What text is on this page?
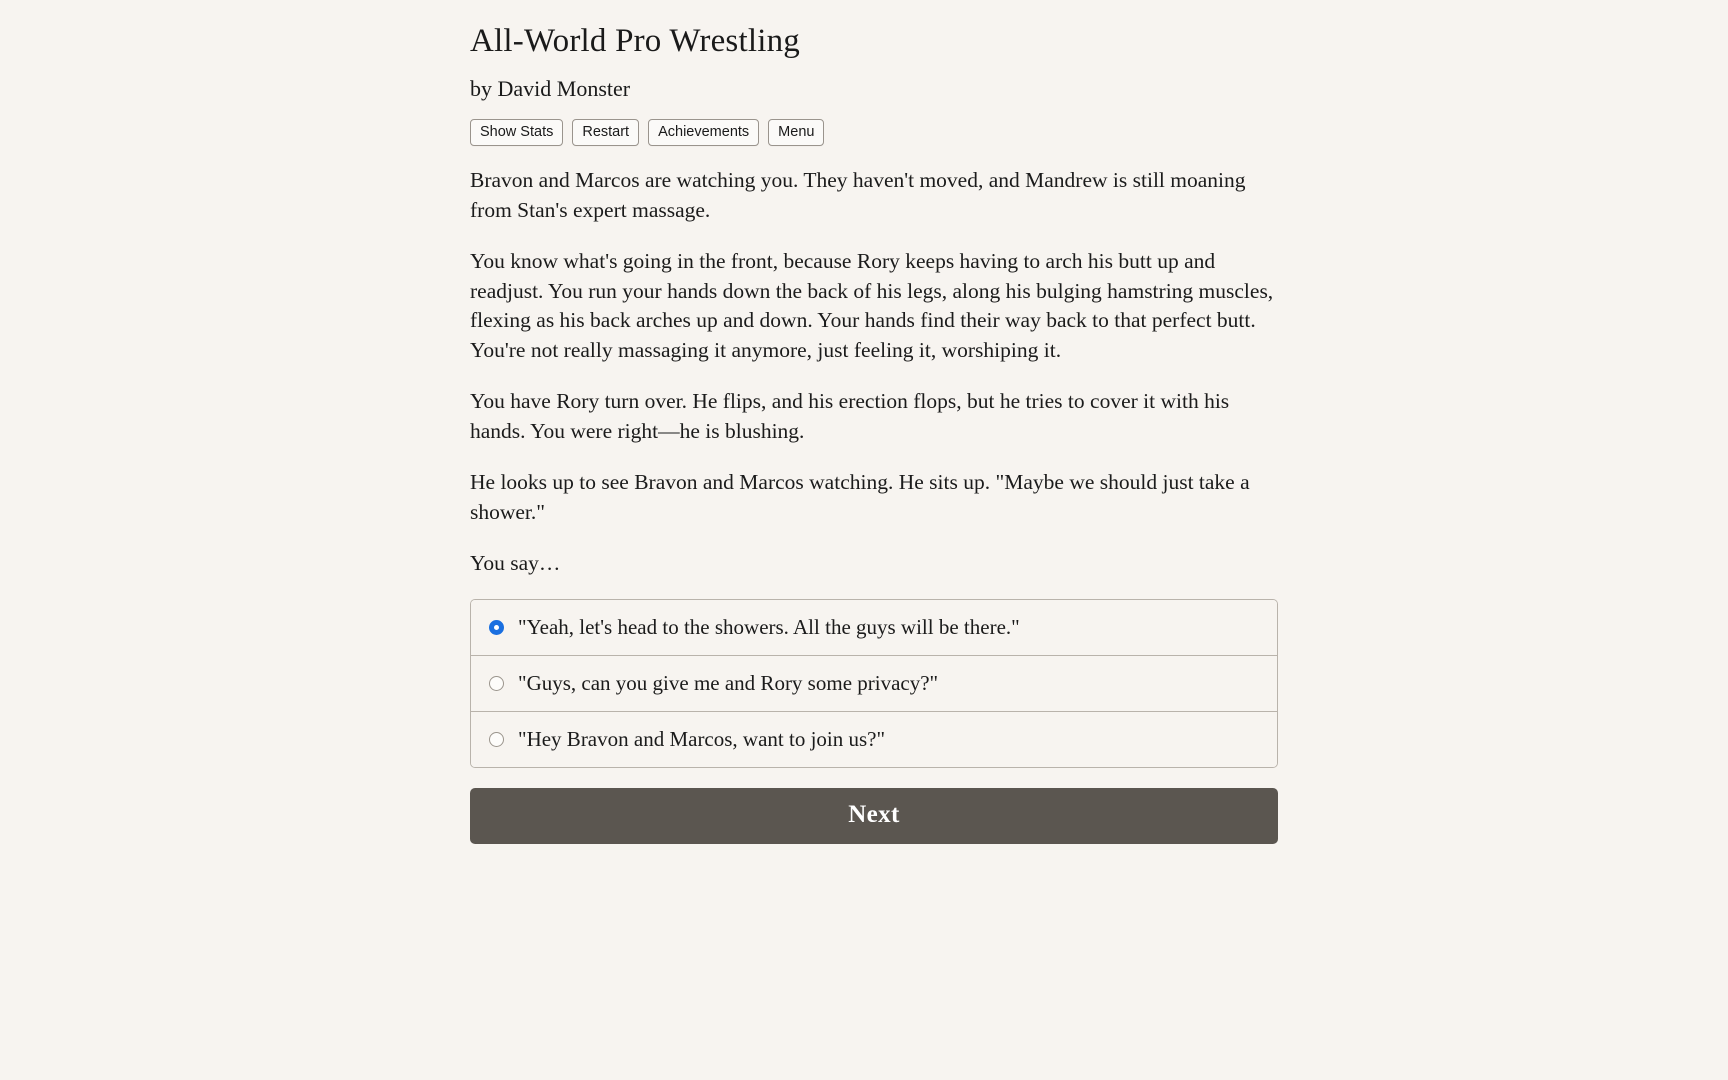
All-World Pro Wrestling
by David Monster
Show Stats	Restart	Achievements	Menu

Bravon and Marcos are watching you. They haven't moved, and Mandrew is still moaning from Stan's expert massage.

You know what's going in the front, because Rory keeps having to arch his butt up and readjust. You run your hands down the back of his legs, along his bulging hamstring muscles, flexing as his back arches up and down. Your hands find their way back to that perfect butt. You're not really massaging it anymore, just feeling it, worshiping it.

You have Rory turn over. He flips, and his erection flops, but he tries to cover it with his hands. You were right—he is blushing.

He looks up to see Bravon and Marcos watching. He sits up. "Maybe we should just take a shower."

You say…

"Yeah, let's head to the showers. All the guys will be there."
"Guys, can you give me and Rory some privacy?"
"Hey Bravon and Marcos, want to join us?"
Next
